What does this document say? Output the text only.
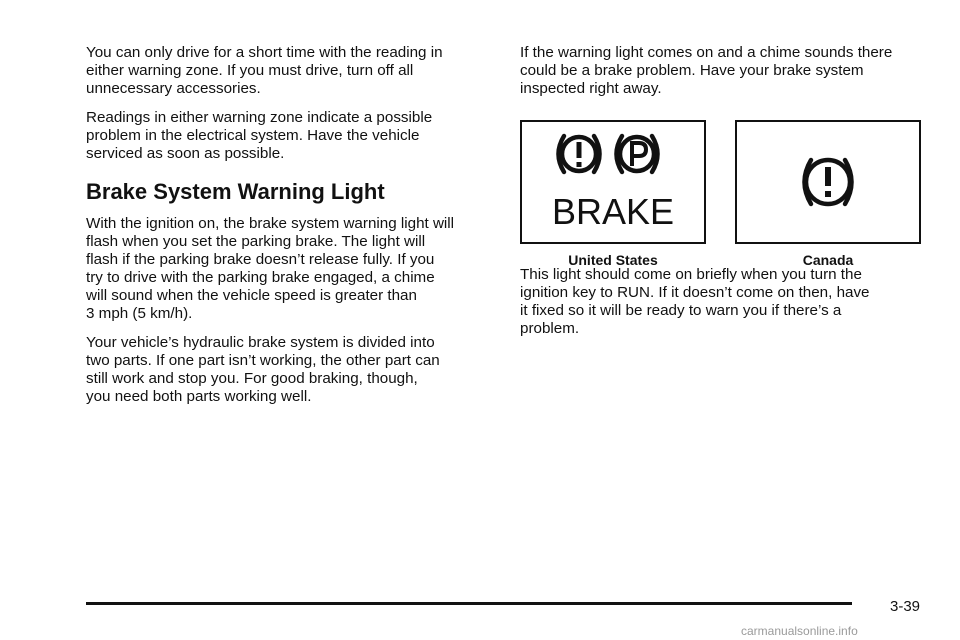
You can only drive for a short time with the reading in
either warning zone. If you must drive, turn off all
unnecessary accessories.

Readings in either warning zone indicate a possible
problem in the electrical system. Have the vehicle
serviced as soon as possible.

Brake System Warning Light

With the ignition on, the brake system warning light will
flash when you set the parking brake. The light will
flash if the parking brake doesn’t release fully. If you
try to drive with the parking brake engaged, a chime
will sound when the vehicle speed is greater than
3 mph (5 km/h).

Your vehicle’s hydraulic brake system is divided into
two parts. If one part isn’t working, the other part can
still work and stop you. For good braking, though,
you need both parts working well.

If the warning light comes on and a chime sounds there
could be a brake problem. Have your brake system
inspected right away.

BRAKE
United States	Canada

This light should come on briefly when you turn the
ignition key to RUN. If it doesn’t come on then, have
it fixed so it will be ready to warn you if there’s a
problem.

3-39
carmanualsonline.info
